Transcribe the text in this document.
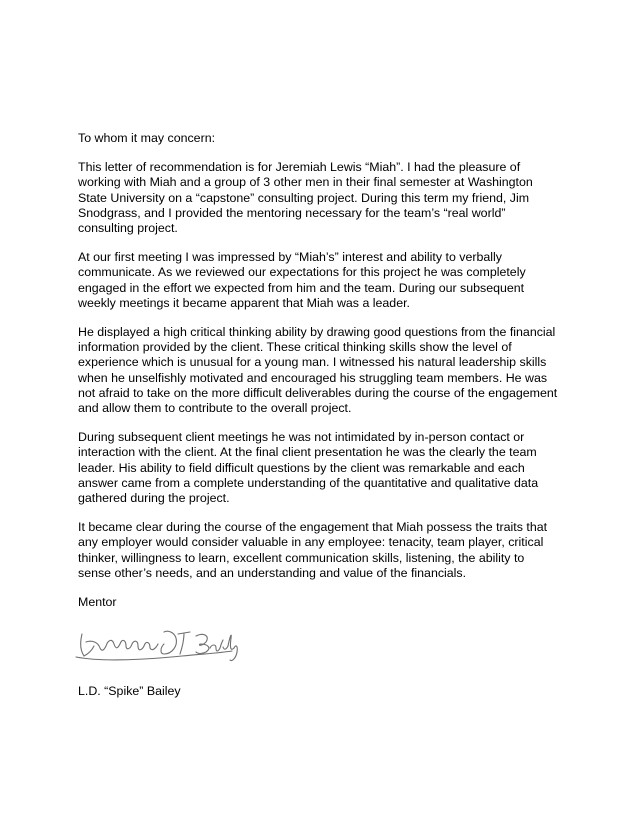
To whom it may concern:

This letter of recommendation is for Jeremiah Lewis “Miah”. I had the pleasure of
working with Miah and a group of 3 other men in their final semester at Washington
State University on a “capstone” consulting project. During this term my friend, Jim
Snodgrass, and I provided the mentoring necessary for the team’s “real world”
consulting project.
At our first meeting I was impressed by “Miah’s” interest and ability to verbally
communicate. As we reviewed our expectations for this project he was completely
engaged in the effort we expected from him and the team. During our subsequent
weekly meetings it became apparent that Miah was a leader.
He displayed a high critical thinking ability by drawing good questions from the financial
information provided by the client. These critical thinking skills show the level of
experience which is unusual for a young man. I witnessed his natural leadership skills
when he unselfishly motivated and encouraged his struggling team members. He was
not afraid to take on the more difficult deliverables during the course of the engagement
and allow them to contribute to the overall project.
During subsequent client meetings he was not intimidated by in-person contact or
interaction with the client. At the final client presentation he was the clearly the team
leader. His ability to field difficult questions by the client was remarkable and each
answer came from a complete understanding of the quantitative and qualitative data
gathered during the project.
It became clear during the course of the engagement that Miah possess the traits that
any employer would consider valuable in any employee: tenacity, team player, critical
thinker, willingness to learn, excellent communication skills, listening, the ability to
sense other’s needs, and an understanding and value of the financials.

Mentor

L.D. “Spike” Bailey
